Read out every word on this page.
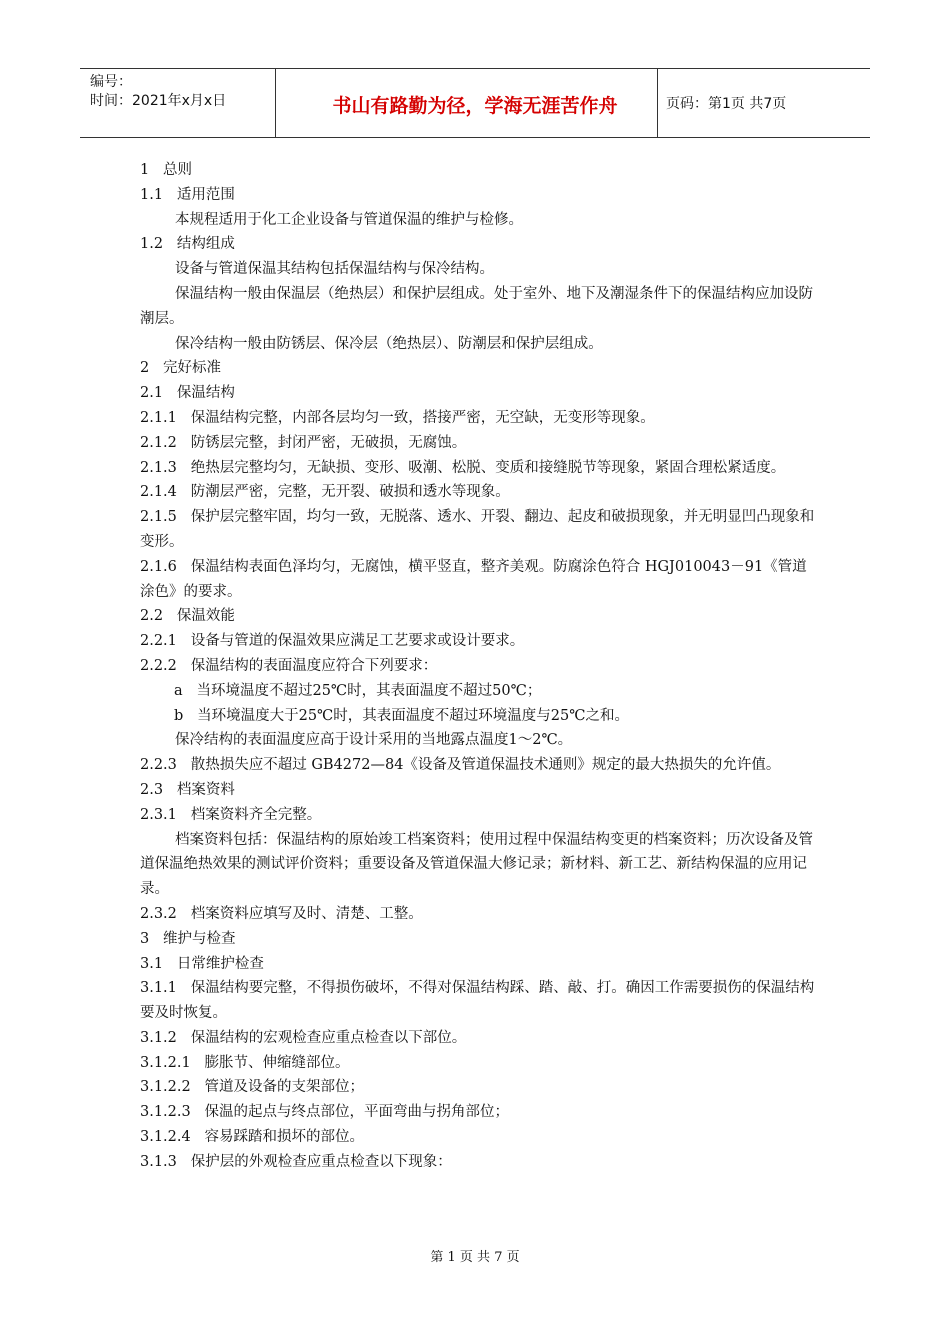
编号：
时间：2021年x月x日	书山有路勤为径，学海无涯苦作舟	页码：第1页 共7页

1   总则

1.1   适用范围

本规程适用于化工企业设备与管道保温的维护与检修。

1.2   结构组成

设备与管道保温其结构包括保温结构与保冷结构。

保温结构一般由保温层（绝热层）和保护层组成。处于室外、地下及潮湿条件下的保温结构应加设防潮层。

保冷结构一般由防锈层、保冷层（绝热层）、防潮层和保护层组成。

2   完好标准

2.1   保温结构

2.1.1   保温结构完整，内部各层均匀一致，搭接严密，无空缺，无变形等现象。

2.1.2   防锈层完整，封闭严密，无破损，无腐蚀。

2.1.3   绝热层完整均匀，无缺损、变形、吸潮、松脱、变质和接缝脱节等现象，紧固合理松紧适度。

2.1.4   防潮层严密，完整，无开裂、破损和透水等现象。

2.1.5   保护层完整牢固，均匀一致，无脱落、透水、开裂、翻边、起皮和破损现象，并无明显凹凸现象和变形。

2.1.6   保温结构表面色泽均匀，无腐蚀，横平竖直，整齐美观。防腐涂色符合 HGJ010043－91《管道涂色》的要求。

2.2   保温效能

2.2.1   设备与管道的保温效果应满足工艺要求或设计要求。

2.2.2   保温结构的表面温度应符合下列要求：

a   当环境温度不超过25℃时，其表面温度不超过50℃；

b   当环境温度大于25℃时，其表面温度不超过环境温度与25℃之和。

保冷结构的表面温度应高于设计采用的当地露点温度1～2℃。

2.2.3   散热损失应不超过 GB4272—84《设备及管道保温技术通则》规定的最大热损失的允许值。

2.3   档案资料

2.3.1   档案资料齐全完整。

档案资料包括：保温结构的原始竣工档案资料；使用过程中保温结构变更的档案资料；历次设备及管道保温绝热效果的测试评价资料；重要设备及管道保温大修记录；新材料、新工艺、新结构保温的应用记录。

2.3.2   档案资料应填写及时、清楚、工整。

3   维护与检查

3.1   日常维护检查

3.1.1   保温结构要完整，不得损伤破坏，不得对保温结构踩、踏、敲、打。确因工作需要损伤的保温结构要及时恢复。

3.1.2   保温结构的宏观检查应重点检查以下部位。

3.1.2.1   膨胀节、伸缩缝部位。

3.1.2.2   管道及设备的支架部位；

3.1.2.3   保温的起点与终点部位，平面弯曲与拐角部位；

3.1.2.4   容易踩踏和损坏的部位。

3.1.3   保护层的外观检查应重点检查以下现象：

第 1 页 共 7 页
